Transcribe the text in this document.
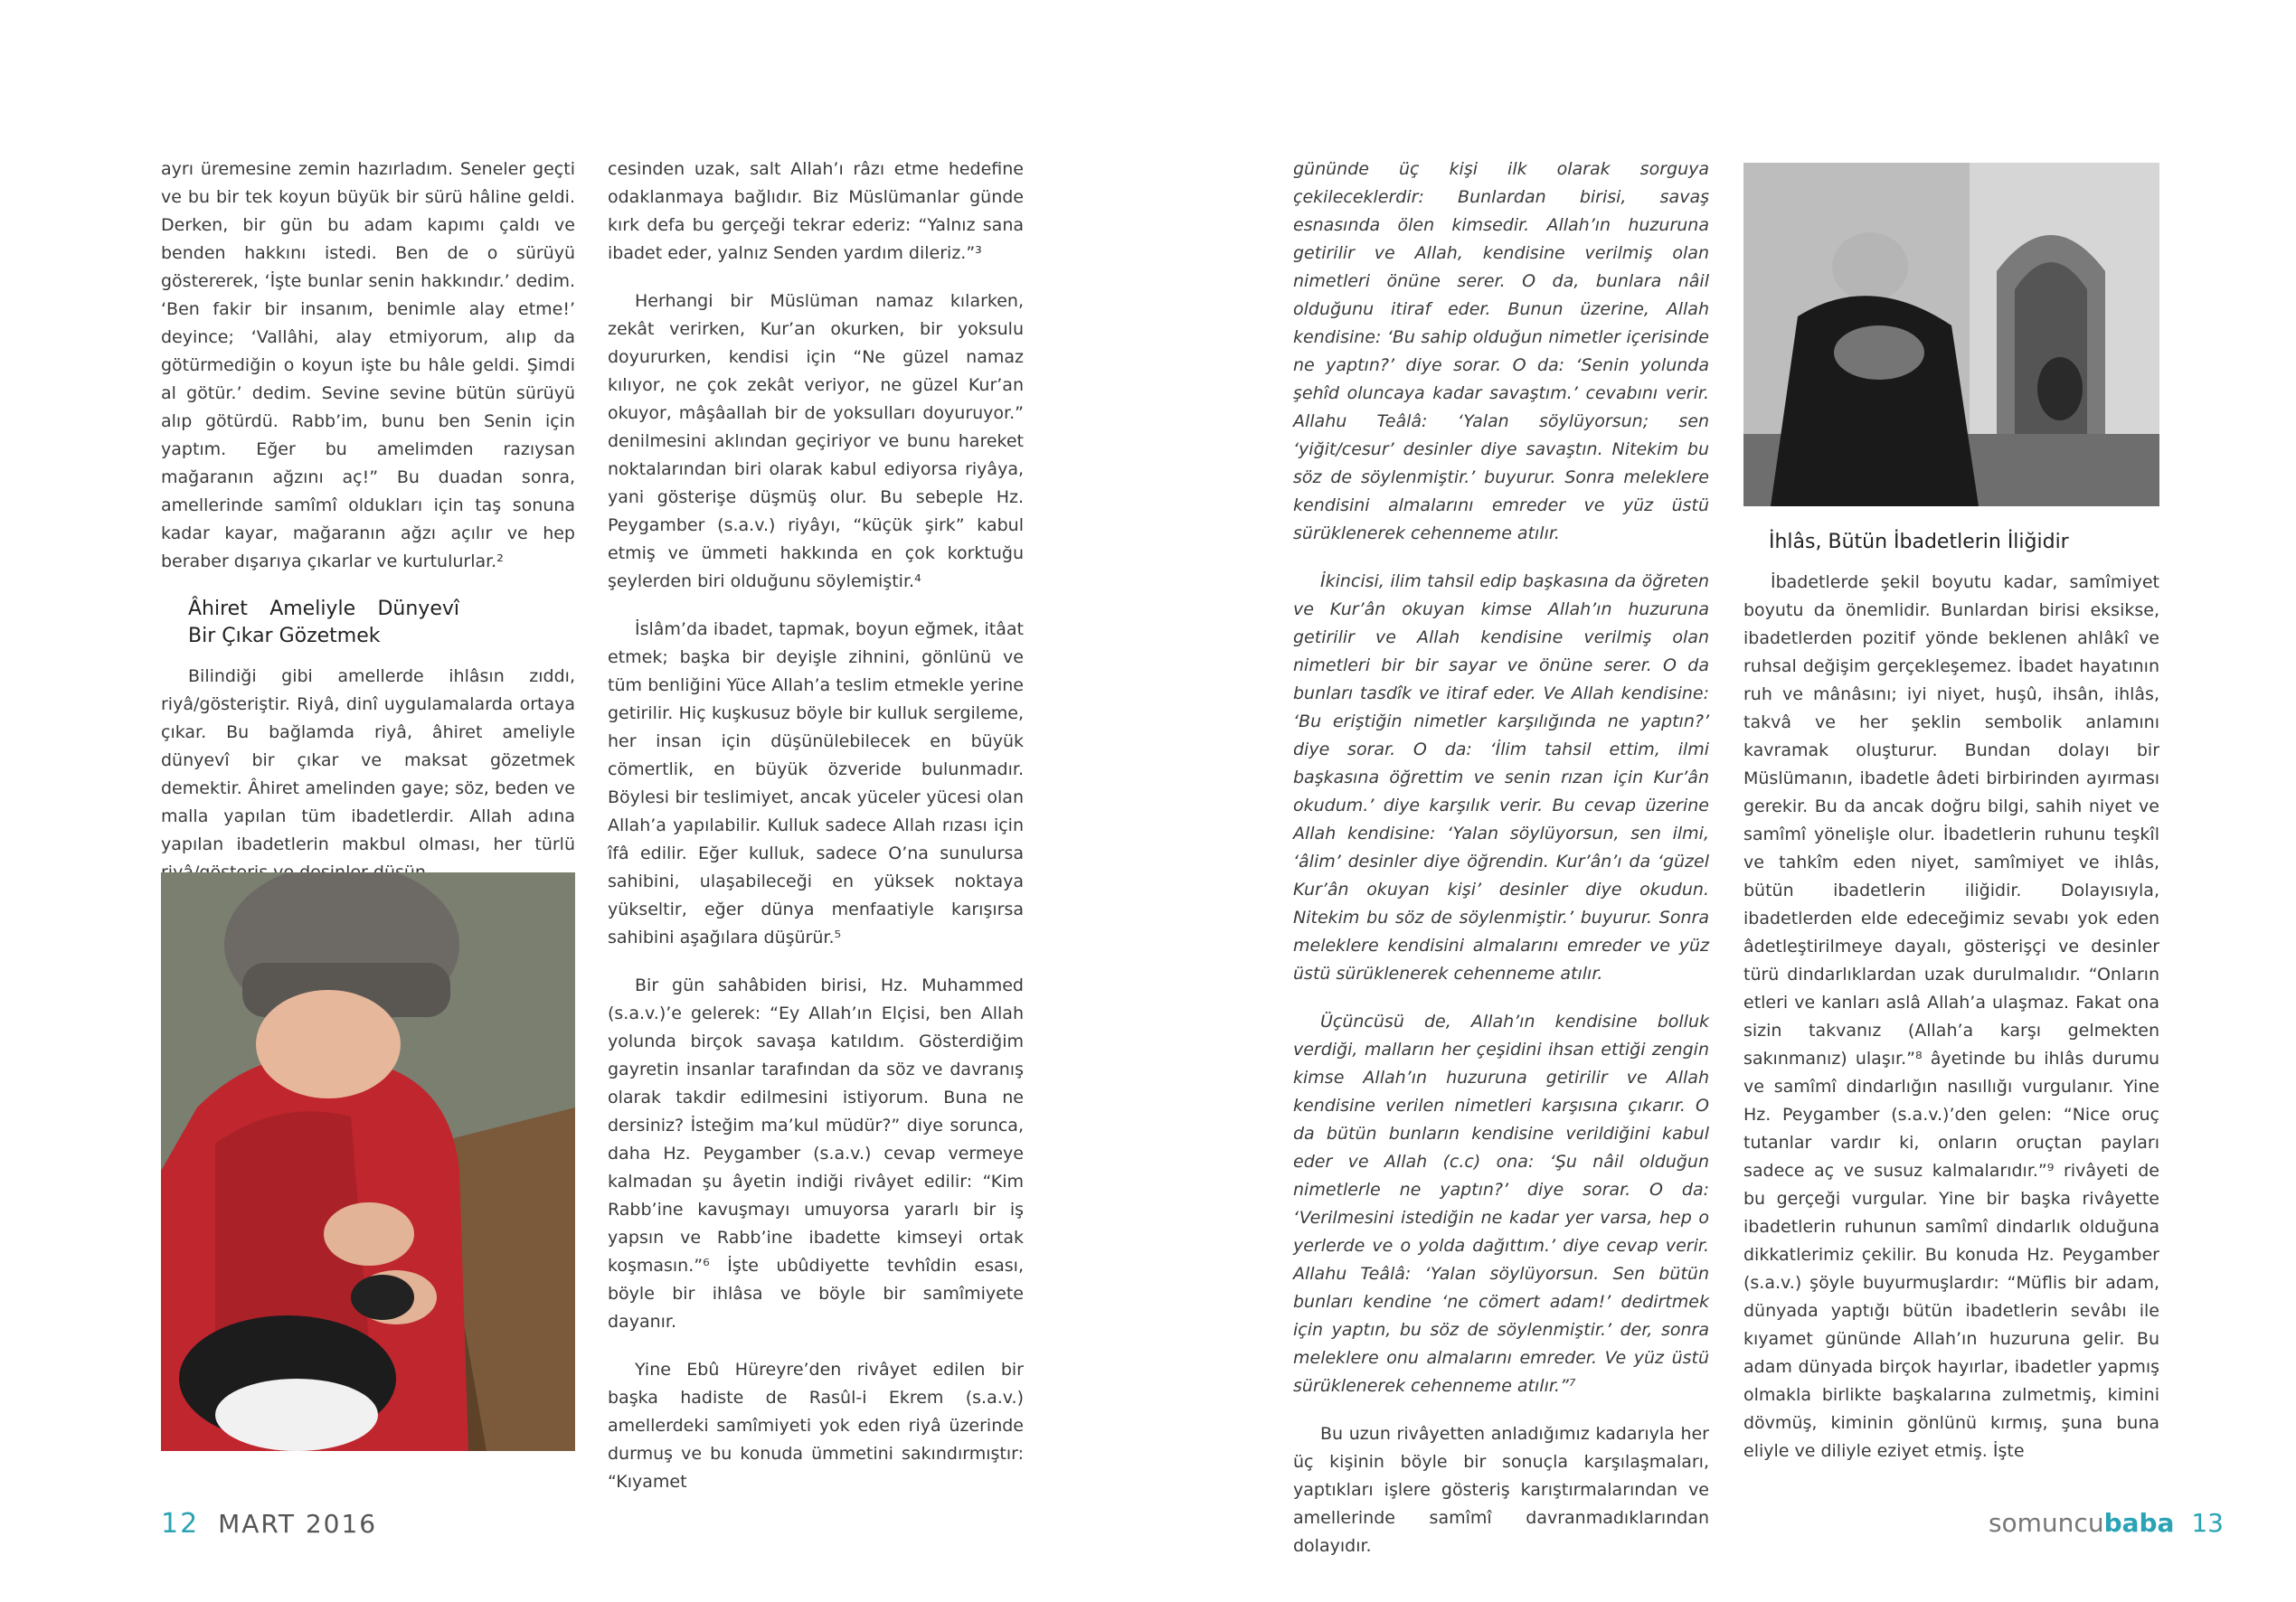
ayrı üremesine zemin hazırladım. Seneler geçti ve bu bir tek koyun büyük bir sürü hâline geldi. Derken, bir gün bu adam kapımı çaldı ve benden hakkını istedi. Ben de o sürüyü göstererek, ‘İşte bunlar senin hakkındır.’ dedim. ‘Ben fakir bir insanım, benimle alay etme!’ deyince; ‘Vallâhi, alay etmiyorum, alıp da götürmediğin o koyun işte bu hâle geldi. Şimdi al götür.’ dedim. Sevine sevine bütün sürüyü alıp götürdü. Rabb’im, bunu ben Senin için yaptım. Eğer bu amelimden razıysan mağaranın ağzını aç!” Bu duadan sonra, amellerinde samîmî oldukları için taş sonuna kadar kayar, mağaranın ağzı açılır ve hep beraber dışarıya çıkarlar ve kurtulurlar.²

Âhiret Ameliyle Dünyevî Bir Çıkar Gözetmek

Bilindiği gibi amellerde ihlâsın zıddı, riyâ/gösteriştir. Riyâ, dinî uygulamalarda ortaya çıkar. Bu bağlamda riyâ, âhiret ameliyle dünyevî bir çıkar ve maksat gözetmek demektir. Âhiret amelinden gaye; söz, beden ve malla yapılan tüm ibadetlerdir. Allah adına yapılan ibadetlerin makbul olması, her türlü

cesinden uzak, salt Allah’ı râzı etme hedefine odaklanmaya bağlıdır. Biz Müslümanlar günde kırk defa bu gerçeği tekrar ederiz: “Yalnız sana ibadet eder, yalnız Senden yardım dileriz.”³

Herhangi bir Müslüman namaz kılarken, zekât verirken, Kur’an okurken, bir yoksulu doyururken, kendisi için “Ne güzel namaz kılıyor, ne çok zekât veriyor, ne güzel Kur’an okuyor, mâşâallah bir de yoksulları doyuruyor.” denilmesini aklından geçiriyor ve bunu hareket noktalarından biri olarak kabul ediyorsa riyâya, yani gösterişe düşmüş olur. Bu sebeple Hz. Peygamber (s.a.v.) riyâyı, “küçük şirk” kabul etmiş ve ümmeti hakkında en çok korktuğu şeylerden biri olduğunu söylemiştir.⁴

İslâm’da ibadet, tapmak, boyun eğmek, itâat etmek; başka bir deyişle zihnini, gönlünü ve tüm benliğini Yüce Allah’a teslim etmekle yerine getirilir. Hiç kuşkusuz böyle bir kulluk sergileme, her insan için düşünülebilecek en büyük cömertlik, en büyük özveride bulunmadır. Böylesi bir teslimiyet, ancak yüceler yücesi olan Allah’a yapılabilir. Kulluk sadece Allah rızası için îfâ edilir. Eğer kulluk, sadece O’na sunulursa sahibini, ulaşabileceği en yüksek noktaya yükseltir, eğer dünya menfaatiyle karışırsa sahibini aşağılara düşürür.⁵

Bir gün sahâbiden birisi, Hz. Muhammed (s.a.v.)’e gelerek: “Ey Allah’ın Elçisi, ben Allah yolunda birçok savaşa katıldım. Gösterdiğim gayretin insanlar tarafından da söz ve davranış olarak takdir edilmesini istiyorum. Buna ne dersiniz? İsteğim ma’kul müdür?” diye sorunca, daha Hz. Peygamber (s.a.v.) cevap vermeye kalmadan şu âyetin indiği rivâyet edilir: “Kim Rabb’ine kavuşmayı umuyorsa yararlı bir iş yapsın ve Rabb’ine ibadette kimseyi ortak koşmasın.”⁶ İşte ubûdiyette tevhîdin esası, böyle bir ihlâsa ve böyle bir samîmiyete dayanır.

Yine Ebû Hüreyre’den rivâyet edilen bir başka hadiste de Rasûl-i Ekrem (s.a.v.) amellerdeki samîmiyeti yok eden riyâ üzerinde durmuş ve bu konuda ümmetini sakındırmıştır: “Kıyamet

12 MART 2016

gününde üç kişi ilk olarak sorguya çekileceklerdir: Bunlardan birisi, savaş esnasında ölen kimsedir. Allah’ın huzuruna getirilir ve Allah, kendisine verilmiş olan nimetleri önüne serer. O da, bunlara nâil olduğunu itiraf eder. Bunun üzerine, Allah kendisine: ‘Bu sahip olduğun nimetler içerisinde ne yaptın?’ diye sorar. O da: ‘Senin yolunda şehîd oluncaya kadar savaştım.’ cevabını verir. Allahu Teâlâ: ‘Yalan söylüyorsun; sen ‘yiğit/cesur’ desinler diye savaştın. Nitekim bu söz de söylenmiştir.’ buyurur. Sonra meleklere kendisini almalarını emreder ve yüz üstü sürüklenerek cehenneme atılır.

İkincisi, ilim tahsil edip başkasına da öğreten ve Kur’ân okuyan kimse Allah’ın huzuruna getirilir ve Allah kendisine verilmiş olan nimetleri bir bir sayar ve önüne serer. O da bunları tasdîk ve itiraf eder. Ve Allah kendisine: ‘Bu eriştiğin nimetler karşılığında ne yaptın?’ diye sorar. O da: ‘İlim tahsil ettim, ilmi başkasına öğrettim ve senin rızan için Kur’ân okudum.’ diye karşılık verir. Bu cevap üzerine Allah kendisine: ‘Yalan söylüyorsun, sen ilmi, ‘âlim’ desinler diye öğrendin. Kur’ân’ı da ‘güzel Kur’ân okuyan kişi’ desinler diye okudun. Nitekim bu söz de söylenmiştir.’ buyurur. Sonra meleklere kendisini almalarını emreder ve yüz üstü sürüklenerek cehenneme atılır.

Üçüncüsü de, Allah’ın kendisine bolluk verdiği, malların her çeşidini ihsan ettiği zengin kimse Allah’ın huzuruna getirilir ve Allah kendisine verilen nimetleri karşısına çıkarır. O da bütün bunların kendisine verildiğini kabul eder ve Allah (c.c) ona: ‘Şu nâil olduğun nimetlerle ne yaptın?’ diye sorar. O da: ‘Verilmesini istediğin ne kadar yer varsa, hep o yerlerde ve o yolda dağıttım.’ diye cevap verir. Allahu Teâlâ: ‘Yalan söylüyorsun. Sen bütün bunları kendine ‘ne cömert adam!’ dedirtmek için yaptın, bu söz de söylenmiştir.’ der, sonra meleklere onu almalarını emreder. Ve yüz üstü sürüklenerek cehenneme atılır.”⁷

Bu uzun rivâyetten anladığımız kadarıyla her üç kişinin böyle bir sonuçla karşılaşmaları, yaptıkları işlere gösteriş karıştırmalarından ve amellerinde samîmî davranmadıklarından dolayıdır.

İhlâs, Bütün İbadetlerin İliğidir

İbadetlerde şekil boyutu kadar, samîmiyet boyutu da önemlidir. Bunlardan birisi eksikse, ibadetlerden pozitif yönde beklenen ahlâkî ve ruhsal değişim gerçekleşemez. İbadet hayatının ruh ve mânâsını; iyi niyet, huşû, ihsân, ihlâs, takvâ ve her şeklin sembolik anlamını kavramak oluşturur. Bundan dolayı bir Müslümanın, ibadetle âdeti birbirinden ayırması gerekir. Bu da ancak doğru bilgi, sahih niyet ve samîmî yönelişle olur. İbadetlerin ruhunu teşkîl ve tahkîm eden niyet, samîmiyet ve ihlâs, bütün ibadetlerin iliğidir. Dolayısıyla, ibadetlerden elde edeceğimiz sevabı yok eden âdetleştirilmeye dayalı, gösterişçi ve desinler türü dindarlıklardan uzak durulmalıdır. “Onların etleri ve kanları aslâ Allah’a ulaşmaz. Fakat ona sizin takvanız (Allah’a karşı gelmekten sakınmanız) ulaşır.”⁸ âyetinde bu ihlâs durumu ve samîmî dindarlığın nasıllığı vurgulanır. Yine Hz. Peygamber (s.a.v.)’den gelen: “Nice oruç tutanlar vardır ki, onların oruçtan payları sadece aç ve susuz kalmalarıdır.”⁹ rivâyeti de bu gerçeği vurgular. Yine bir başka rivâyette ibadetlerin ruhunun samîmî dindarlık olduğuna dikkatlerimiz çekilir. Bu konuda Hz. Peygamber (s.a.v.) şöyle buyurmuşlardır: “Müflis bir adam, dünyada yaptığı bütün ibadetlerin sevâbı ile kıyamet gününde Allah’ın huzuruna gelir. Bu adam dünyada birçok hayırlar, ibadetler yapmış olmakla birlikte başkalarına zulmetmiş, kimini dövmüş, kiminin gönlünü kırmış, şuna buna eliyle ve diliyle eziyet etmiş. İşte

somuncubaba 13
